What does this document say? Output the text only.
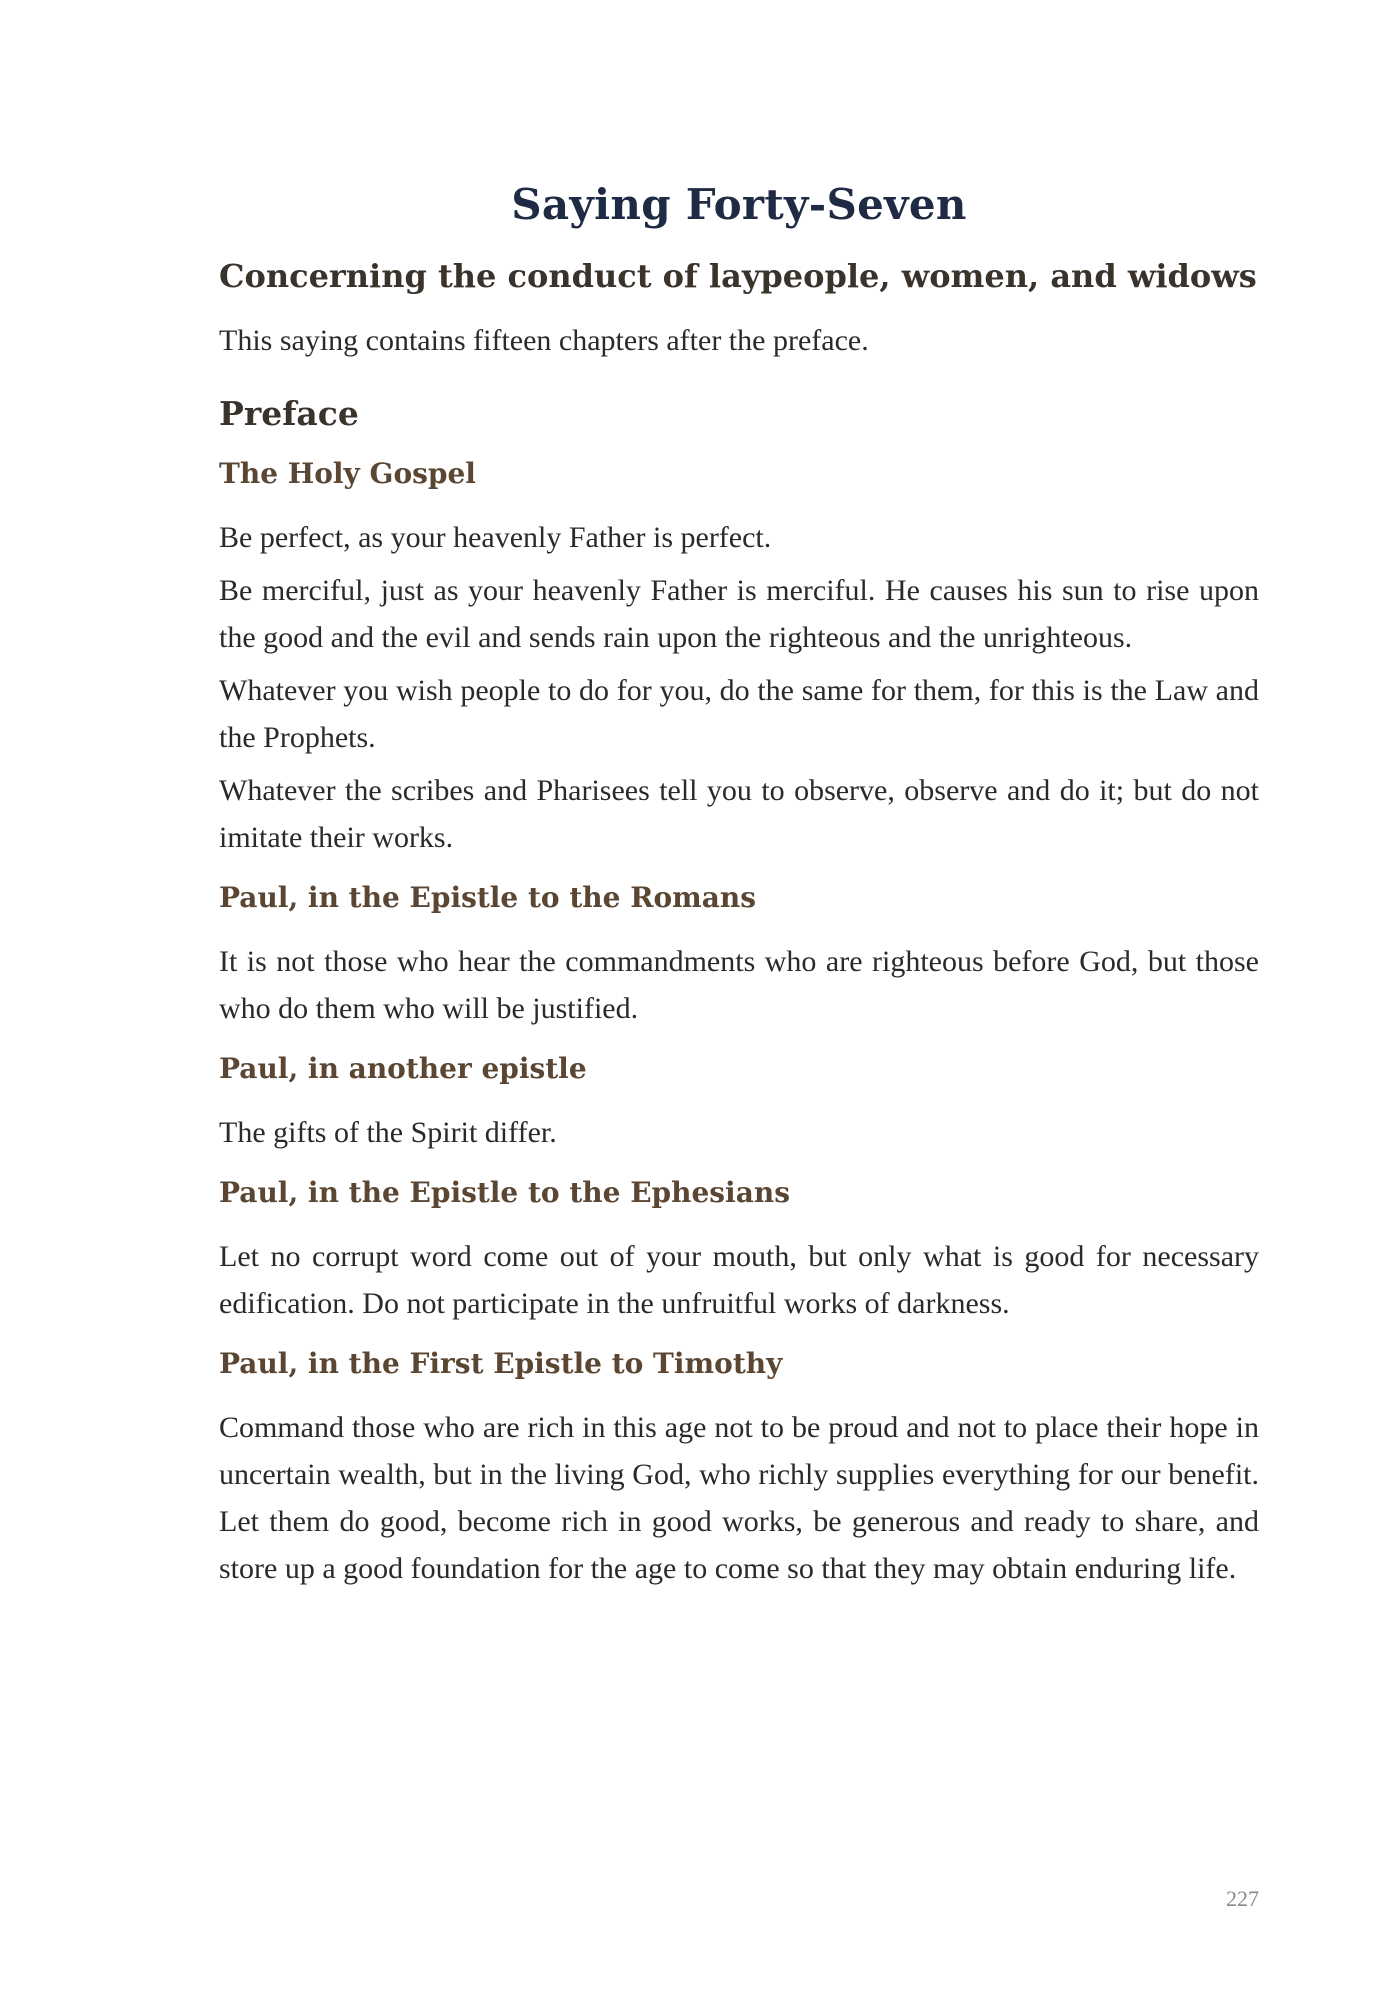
Saying Forty-Seven
Concerning the conduct of laypeople, women, and widows

This saying contains fifteen chapters after the preface.

Preface
The Holy Gospel

Be perfect, as your heavenly Father is perfect.

Be merciful, just as your heavenly Father is merciful. He causes his sun to rise upon the good and the evil and sends rain upon the righteous and the unrighteous.

Whatever you wish people to do for you, do the same for them, for this is the Law and the Prophets.

Whatever the scribes and Pharisees tell you to observe, observe and do it; but do not imitate their works.

Paul, in the Epistle to the Romans

It is not those who hear the commandments who are righteous before God, but those who do them who will be justified.

Paul, in another epistle

The gifts of the Spirit differ.

Paul, in the Epistle to the Ephesians

Let no corrupt word come out of your mouth, but only what is good for necessary edification. Do not participate in the unfruitful works of darkness.

Paul, in the First Epistle to Timothy

Command those who are rich in this age not to be proud and not to place their hope in uncertain wealth, but in the living God, who richly supplies everything for our benefit. Let them do good, become rich in good works, be generous and ready to share, and store up a good foundation for the age to come so that they may obtain enduring life.

227
